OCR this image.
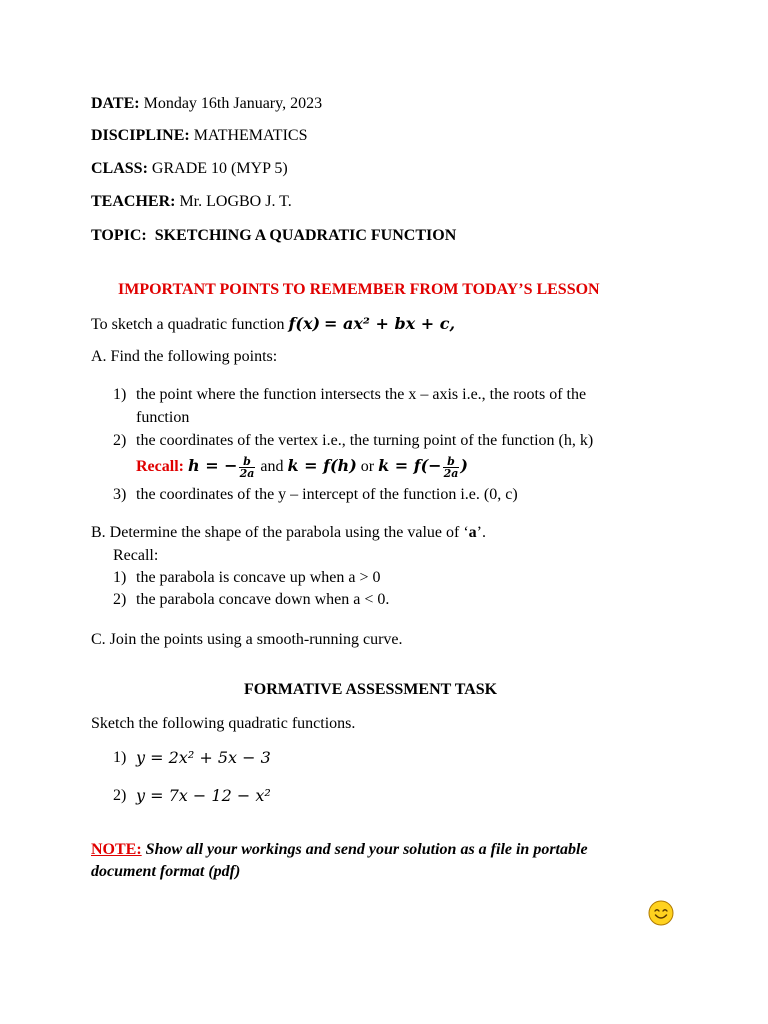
DATE: Monday 16th January, 2023
DISCIPLINE: MATHEMATICS
CLASS: GRADE 10 (MYP 5)
TEACHER: Mr. LOGBO J. T.
TOPIC: SKETCHING A QUADRATIC FUNCTION
IMPORTANT POINTS TO REMEMBER FROM TODAY’S LESSON
To sketch a quadratic function f(x) = ax² + bx + c,
A. Find the following points:
1) the point where the function intersects the x – axis i.e., the roots of the
function
2) the coordinates of the vertex i.e., the turning point of the function (h, k)
Recall: h = − $\frac{b}{2a}$ and k = f(h) or $k = f(- \frac{b}{2a}$ )
3) the coordinates of the y – intercept of the function i.e. (0, c)
B. Determine the shape of the parabola using the value of ‘a’.
Recall:
1) the parabola is concave up when a > 0
2) the parabola concave down when a < 0.
C. Join the points using a smooth-running curve.
FORMATIVE ASSESSMENT TASK
Sketch the following quadratic functions.
1) y = 2x² + 5x − 3
2) y = 7x − 12 − x²
NOTE: Show all your workings and send your solution as a file in portable
document format (pdf)
